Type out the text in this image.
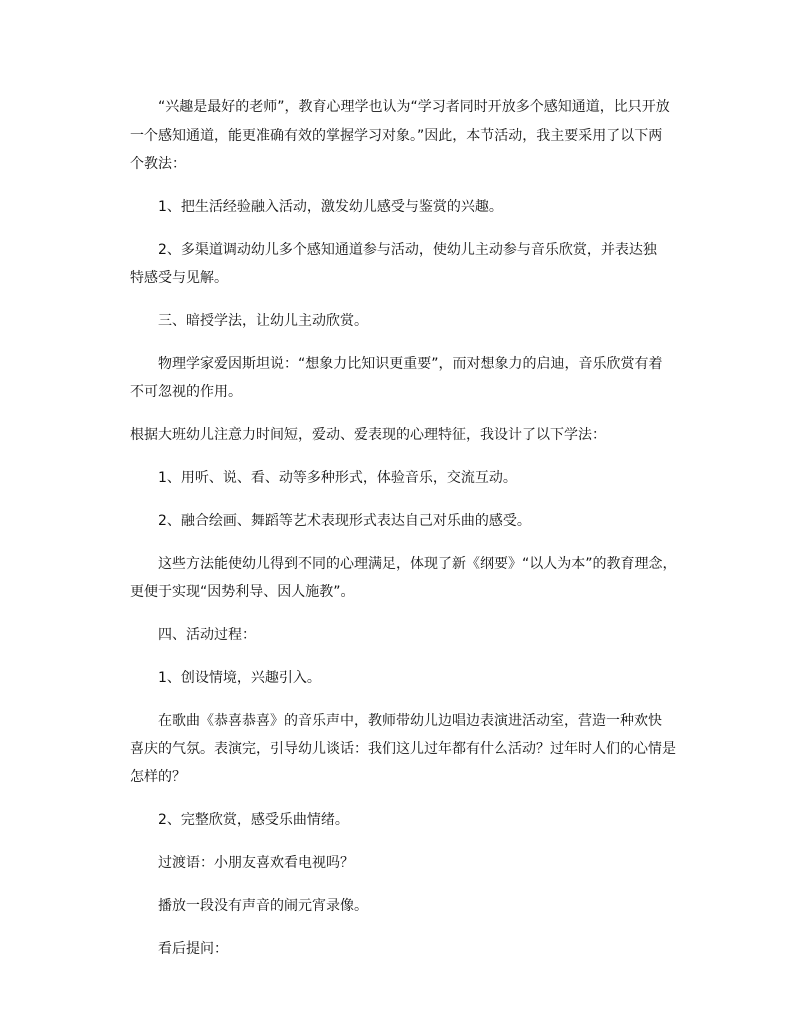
“兴趣是最好的老师”，教育心理学也认为“学习者同时开放多个感知通道，比只开放
一个感知通道，能更准确有效的掌握学习对象。”因此，本节活动，我主要采用了以下两
个教法：
1、把生活经验融入活动，激发幼儿感受与鉴赏的兴趣。
2、多渠道调动幼儿多个感知通道参与活动，使幼儿主动参与音乐欣赏，并表达独
特感受与见解。
三、暗授学法，让幼儿主动欣赏。
物理学家爱因斯坦说：“想象力比知识更重要”，而对想象力的启迪，音乐欣赏有着
不可忽视的作用。
根据大班幼儿注意力时间短，爱动、爱表现的心理特征，我设计了以下学法：
1、用听、说、看、动等多种形式，体验音乐，交流互动。
2、融合绘画、舞蹈等艺术表现形式表达自己对乐曲的感受。
这些方法能使幼儿得到不同的心理满足，体现了新《纲要》“以人为本”的教育理念，
更便于实现“因势利导、因人施教”。
四、活动过程：
1、创设情境，兴趣引入。
在歌曲《恭喜恭喜》的音乐声中，教师带幼儿边唱边表演进活动室，营造一种欢快
喜庆的气氛。表演完，引导幼儿谈话：我们这儿过年都有什么活动？过年时人们的心情是
怎样的？
2、完整欣赏，感受乐曲情绪。
过渡语：小朋友喜欢看电视吗？
播放一段没有声音的闹元宵录像。
看后提问：
